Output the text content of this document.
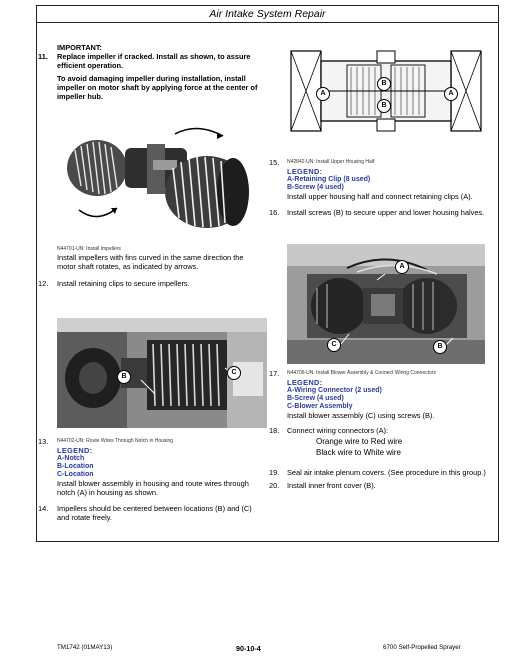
Air Intake System Repair
IMPORTANT:
11. Replace impeller if cracked. Install as shown, to assure
efficient operation.
To avoid damaging impeller during installation, install
impeller on motor shaft by applying force at the center of
impeller hub.
N44701-UN: Install Impellers
Install impellers with fins curved in the same direction the
motor shaft rotates, as indicated by arrows.
12. Install retaining clips to secure impellers.
B
C
13. N44702-UN: Route Wires Through Notch in Housing
LEGEND:
A-Notch
B-Location
C-Location
Install blower assembly in housing and route wires through
notch (A) in housing as shown.
14. Impellers should be centered between locations (B) and (C)
and rotate freely.
A	A
B
B
15. N42842-UN: Install Upper Housing Half
LEGEND:
A-Retaining Clip (8 used)
B-Screw (4 used)
Install upper housing half and connect retaining clips (A).
16. Install screws (B) to secure upper and lower housing halves.
A
C	B
17. N44706-UN: Install Blower Assembly & Connect Wiring Connectors
LEGEND:
A-Wiring Connector (2 used)
B-Screw (4 used)
C-Blower Assembly
Install blower assembly (C) using screws (B).
18. Connect wiring connectors (A):
Orange wire to Red wire
Black wire to White wire
19. Seal air intake plenum covers. (See procedure in this group.)
20. Install inner front cover (B).
TM1742 (01MAY13)	90-10-4	6700 Self-Propelled Sprayer
